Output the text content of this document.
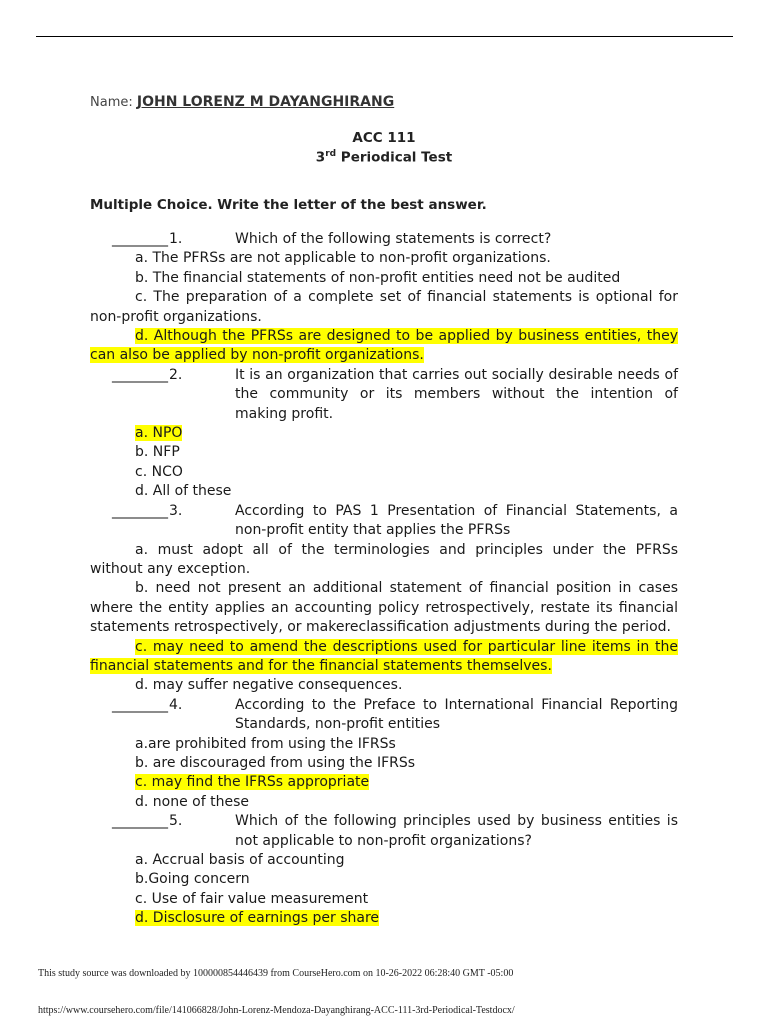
Name: JOHN LORENZ M DAYANGHIRANG
ACC 111
3rd Periodical Test
Multiple Choice. Write the letter of the best answer.
________ 1.	Which of the following statements is correct?
a. The PFRSs are not applicable to non-profit organizations.
b. The financial statements of non-profit entities need not be audited
c. The preparation of a complete set of financial statements is optional for non-profit organizations.
d. Although the PFRSs are designed to be applied by business entities, they can also be applied by non-profit organizations.
________ 2.	It is an organization that carries out socially desirable needs of the community or its members without the intention of making profit.
a. NPO
b. NFP
c. NCO
d. All of these
________ 3.	According to PAS 1 Presentation of Financial Statements, a non-profit entity that applies the PFRSs
a. must adopt all of the terminologies and principles under the PFRSs without any exception.
b. need not present an additional statement of financial position in cases where the entity applies an accounting policy retrospectively, restate its financial statements retrospectively, or makereclassification adjustments during the period.
c. may need to amend the descriptions used for particular line items in the financial statements and for the financial statements themselves.
d. may suffer negative consequences.
________ 4.	According to the Preface to International Financial Reporting Standards, non-profit entities
a.are prohibited from using the IFRSs
b. are discouraged from using the IFRSs
c. may find the IFRSs appropriate
d. none of these
________ 5.	Which of the following principles used by business entities is not applicable to non-profit organizations?
a. Accrual basis of accounting
b.Going concern
c. Use of fair value measurement
d. Disclosure of earnings per share
This study source was downloaded by 100000854446439 from CourseHero.com on 10-26-2022 06:28:40 GMT -05:00
https://www.coursehero.com/file/141066828/John-Lorenz-Mendoza-Dayanghirang-ACC-111-3rd-Periodical-Testdocx/
